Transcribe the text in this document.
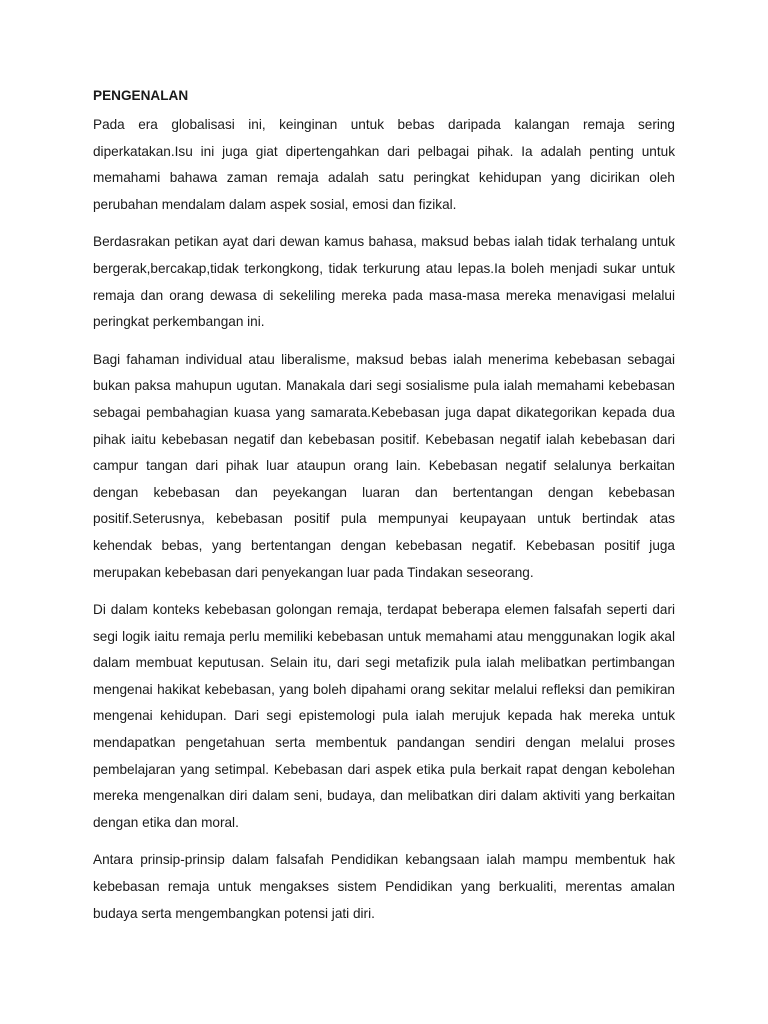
PENGENALAN

Pada era globalisasi ini, keinginan untuk bebas daripada kalangan remaja sering diperkatakan.Isu ini juga giat dipertengahkan dari pelbagai pihak. Ia adalah penting untuk memahami bahawa zaman remaja adalah satu peringkat kehidupan yang dicirikan oleh perubahan mendalam dalam aspek sosial, emosi dan fizikal.

Berdasrakan petikan ayat dari dewan kamus bahasa, maksud bebas ialah tidak terhalang untuk bergerak,bercakap,tidak terkongkong, tidak terkurung atau lepas.Ia boleh menjadi sukar untuk remaja dan orang dewasa di sekeliling mereka pada masa-masa mereka menavigasi melalui peringkat perkembangan ini.

Bagi fahaman individual atau liberalisme, maksud bebas ialah menerima kebebasan sebagai bukan paksa mahupun ugutan. Manakala dari segi sosialisme pula ialah memahami kebebasan sebagai pembahagian kuasa yang samarata.Kebebasan juga dapat dikategorikan kepada dua pihak iaitu kebebasan negatif dan kebebasan positif. Kebebasan negatif ialah kebebasan dari campur tangan dari pihak luar ataupun orang lain. Kebebasan negatif selalunya berkaitan dengan kebebasan dan peyekangan luaran dan bertentangan dengan kebebasan positif.Seterusnya, kebebasan positif pula mempunyai keupayaan untuk bertindak atas kehendak bebas, yang bertentangan dengan kebebasan negatif. Kebebasan positif juga merupakan kebebasan dari penyekangan luar pada Tindakan seseorang.

Di dalam konteks kebebasan golongan remaja, terdapat beberapa elemen falsafah seperti dari segi logik iaitu remaja perlu memiliki kebebasan untuk memahami atau menggunakan logik akal dalam membuat keputusan. Selain itu, dari segi metafizik pula ialah melibatkan pertimbangan mengenai hakikat kebebasan, yang boleh dipahami orang sekitar melalui refleksi dan pemikiran mengenai kehidupan. Dari segi epistemologi pula ialah merujuk kepada hak mereka untuk mendapatkan pengetahuan serta membentuk pandangan sendiri dengan melalui proses pembelajaran yang setimpal. Kebebasan dari aspek etika pula berkait rapat dengan kebolehan mereka mengenalkan diri dalam seni, budaya, dan melibatkan diri dalam aktiviti yang berkaitan dengan etika dan moral.

Antara prinsip-prinsip dalam falsafah Pendidikan kebangsaan ialah mampu membentuk hak kebebasan remaja untuk mengakses sistem Pendidikan yang berkualiti, merentas amalan budaya serta mengembangkan potensi jati diri.
